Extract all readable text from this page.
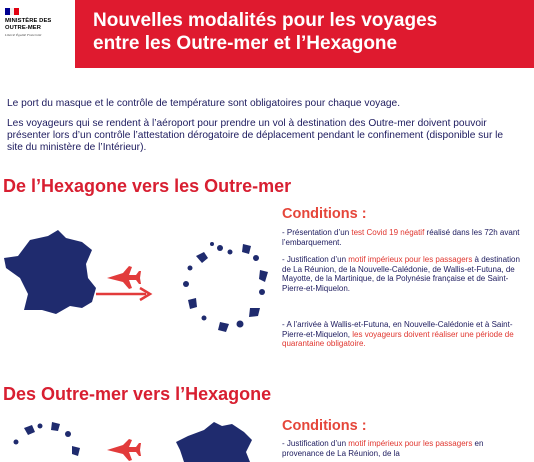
MINISTÈRE DES OUTRE-MER
Liberté Égalité Fraternité
Nouvelles modalités pour les voyages
entre les Outre-mer et l’Hexagone
Le port du masque et le contrôle de température sont obligatoires pour chaque voyage.
Les voyageurs qui se rendent à l’aéroport pour prendre un vol à destination des Outre-mer doivent pouvoir présenter lors d’un contrôle l’attestation dérogatoire de déplacement pendant le confinement (disponible sur le site du ministère de l’Intérieur).
De l’Hexagone vers les Outre-mer
Conditions :
- Présentation d’un test Covid 19 négatif réalisé dans les 72h avant l’embarquement.
- Justification d’un motif impérieux pour les passagers à destination de La Réunion, de la Nouvelle-Calédonie, de Wallis-et-Futuna, de Mayotte, de la Martinique, de la Polynésie française et de Saint-Pierre-et-Miquelon.
- A l’arrivée à Wallis-et-Futuna, en Nouvelle-Calédonie et à Saint-Pierre-et-Miquelon, les voyageurs doivent réaliser une période de quarantaine obligatoire.
Des Outre-mer vers l’Hexagone
Conditions :
- Justification d’un motif impérieux pour les passagers en provenance de La Réunion, de la
